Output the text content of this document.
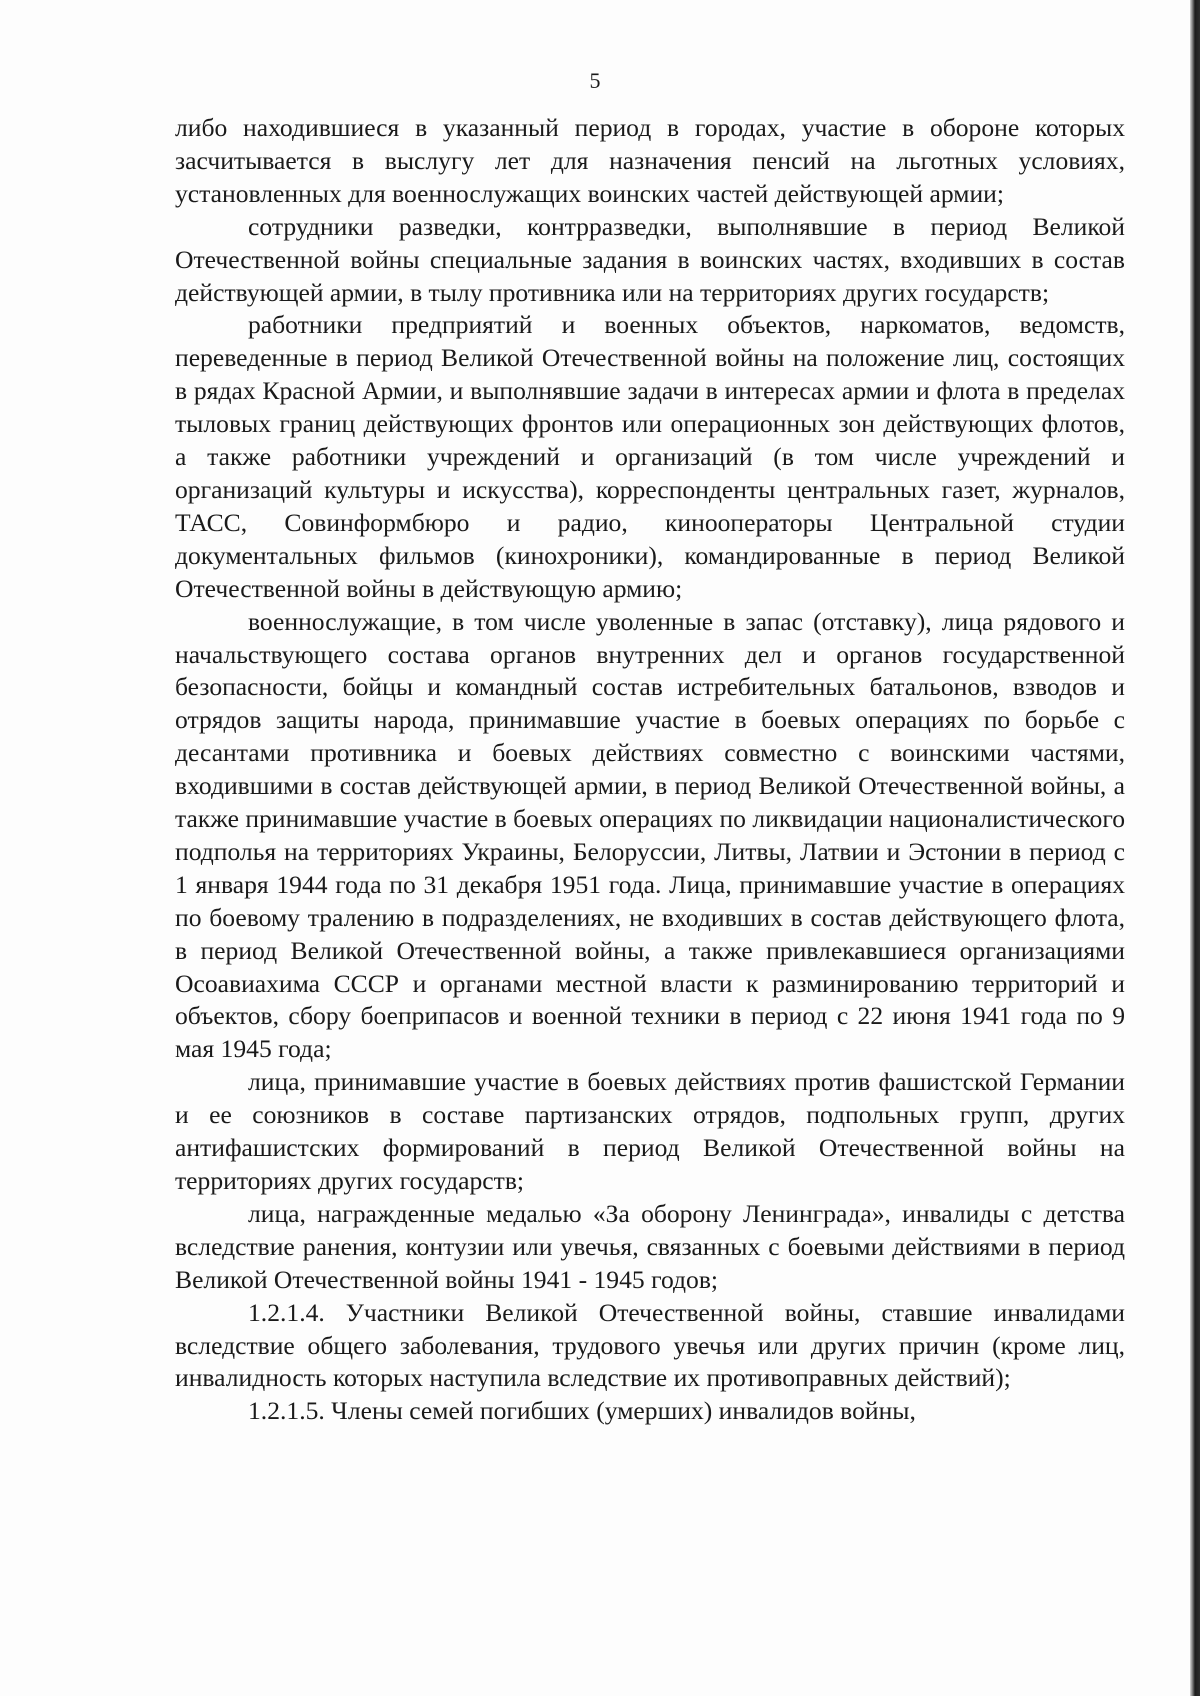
5

либо находившиеся в указанный период в городах, участие в обороне которых засчитывается в выслугу лет для назначения пенсий на льготных условиях, установленных для военнослужащих воинских частей действующей армии;

сотрудники разведки, контрразведки, выполнявшие в период Великой Отечественной войны специальные задания в воинских частях, входивших в состав действующей армии, в тылу противника или на территориях других государств;

работники предприятий и военных объектов, наркоматов, ведомств, переведенные в период Великой Отечественной войны на положение лиц, состоящих в рядах Красной Армии, и выполнявшие задачи в интересах армии и флота в пределах тыловых границ действующих фронтов или операционных зон действующих флотов, а также работники учреждений и организаций (в том числе учреждений и организаций культуры и искусства), корреспонденты центральных газет, журналов, ТАСС, Совинформбюро и радио, кинооператоры Центральной студии документальных фильмов (кинохроники), командированные в период Великой Отечественной войны в действующую армию;

военнослужащие, в том числе уволенные в запас (отставку), лица рядового и начальствующего состава органов внутренних дел и органов государственной безопасности, бойцы и командный состав истребительных батальонов, взводов и отрядов защиты народа, принимавшие участие в боевых операциях по борьбе с десантами противника и боевых действиях совместно с воинскими частями, входившими в состав действующей армии, в период Великой Отечественной войны, а также принимавшие участие в боевых операциях по ликвидации националистического подполья на территориях Украины, Белоруссии, Литвы, Латвии и Эстонии в период с 1 января 1944 года по 31 декабря 1951 года. Лица, принимавшие участие в операциях по боевому тралению в подразделениях, не входивших в состав действующего флота, в период Великой Отечественной войны, а также привлекавшиеся организациями Осоавиахима СССР и органами местной власти к разминированию территорий и объектов, сбору боеприпасов и военной техники в период с 22 июня 1941 года по 9 мая 1945 года;

лица, принимавшие участие в боевых действиях против фашистской Германии и ее союзников в составе партизанских отрядов, подпольных групп, других антифашистских формирований в период Великой Отечественной войны на территориях других государств;

лица, награжденные медалью «За оборону Ленинграда», инвалиды с детства вследствие ранения, контузии или увечья, связанных с боевыми действиями в период Великой Отечественной войны 1941 - 1945 годов;

1.2.1.4. Участники Великой Отечественной войны, ставшие инвалидами вследствие общего заболевания, трудового увечья или других причин (кроме лиц, инвалидность которых наступила вследствие их противоправных действий);

1.2.1.5. Члены семей погибших (умерших) инвалидов войны,
